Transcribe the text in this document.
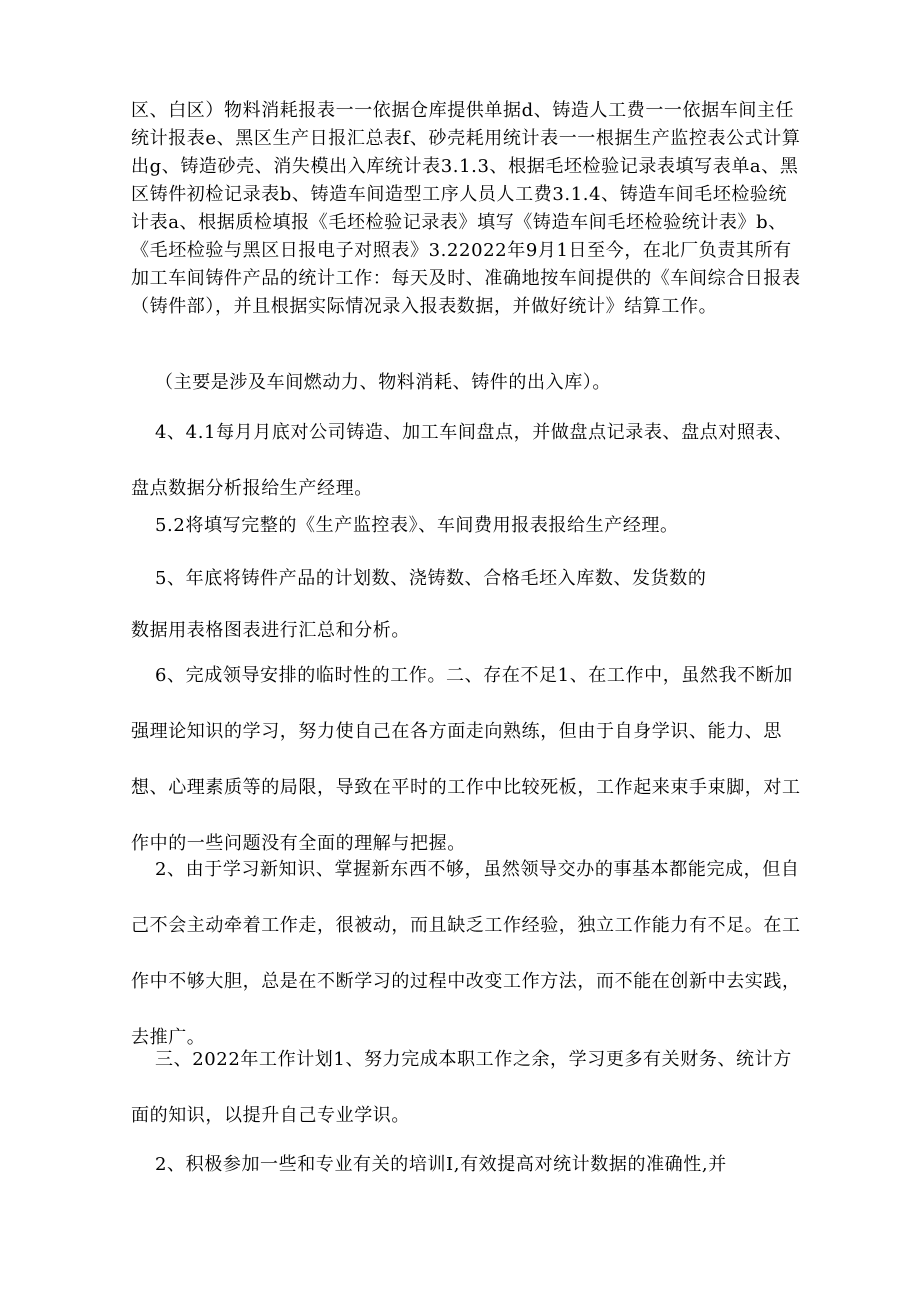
区、白区）物料消耗报表一一依据仓库提供单据d、铸造人工费一一依据车间主任统计报表e、黑区生产日报汇总表f、砂壳耗用统计表一一根据生产监控表公式计算出g、铸造砂壳、消失模出入库统计表3.1.3、根据毛坯检验记录表填写表单a、黑区铸件初检记录表b、铸造车间造型工序人员人工费3.1.4、铸造车间毛坯检验统计表a、根据质检填报《毛坯检验记录表》填写《铸造车间毛坯检验统计表》b、《毛坯检验与黑区日报电子对照表》3.22022年9月1日至今，在北厂负责其所有加工车间铸件产品的统计工作：每天及时、准确地按车间提供的《车间综合日报表（铸件部），并且根据实际情况录入报表数据，并做好统计》结算工作。

（主要是涉及车间燃动力、物料消耗、铸件的出入库）。

4、4.1每月月底对公司铸造、加工车间盘点，并做盘点记录表、盘点对照表、盘点数据分析报给生产经理。

5.2将填写完整的《生产监控表》、车间费用报表报给生产经理。

5、年底将铸件产品的计划数、浇铸数、合格毛坯入库数、发货数的

数据用表格图表进行汇总和分析。

6、完成领导安排的临时性的工作。二、存在不足1、在工作中，虽然我不断加强理论知识的学习，努力使自己在各方面走向熟练，但由于自身学识、能力、思想、心理素质等的局限，导致在平时的工作中比较死板，工作起来束手束脚，对工作中的一些问题没有全面的理解与把握。

2、由于学习新知识、掌握新东西不够，虽然领导交办的事基本都能完成，但自己不会主动牵着工作走，很被动，而且缺乏工作经验，独立工作能力有不足。在工作中不够大胆，总是在不断学习的过程中改变工作方法，而不能在创新中去实践，去推广。

三、2022年工作计划1、努力完成本职工作之余，学习更多有关财务、统计方面的知识，以提升自己专业学识。

2、积极参加一些和专业有关的培训I,有效提高对统计数据的准确性,并
